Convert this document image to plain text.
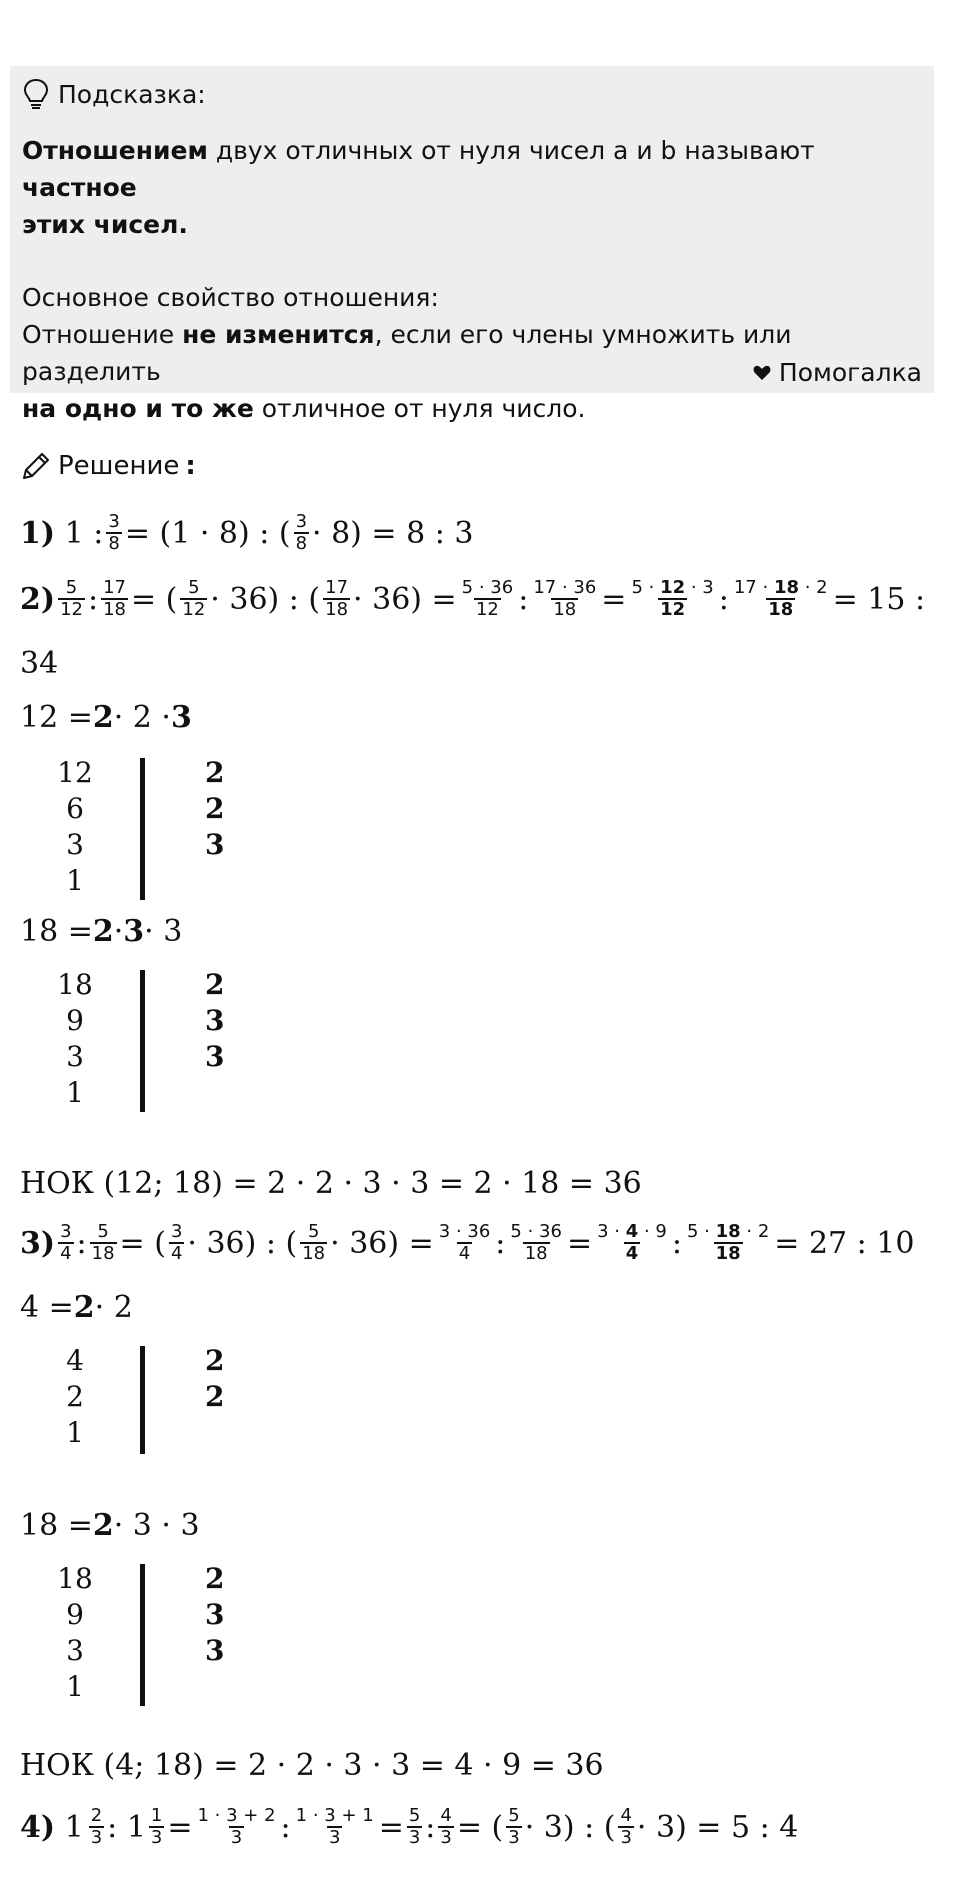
Подсказка:

Отношением двух отличных от нуля чисел a и b называют частное
этих чисел.

Основное свойство отношения:
Отношение не изменится, если его члены умножить или разделить
на одно и то же отличное от нуля число.

Помогалка
Решение :
1)
1 : $\frac{3}{8} = (1 \cdot 8)$ : ( $\frac{3}{8} \cdot 8) = 8$ : 3
$2) \frac{5}{12}$ : $\frac{17}{18}$ = ( $\frac{5}{12} \cdot 36$) : ( $\frac{17}{18} \cdot 36) = \frac{5 \cdot 36}{12}$ : $\frac{17 \cdot 36}{18} = \frac{5 \cdot 12 \cdot 3}{12}$ : $\frac{17 \cdot 18 \cdot 2}{18} = 15$ :
34
12 = 2 · 2 · 3
12	2
6	2
3	3
1
18 = 2 · 3 · 3
18	2
9	3
3	3
1
НОК (12; 18) = 2 · 2 · 3 · 3 = 2 · 18 = 36
$3) \frac{3}{4}$ : $\frac{5}{18}$ = ( $\frac{3}{4} \cdot 36$) : ( $\frac{5}{18} \cdot 36) = \frac{3 \cdot 36}{4}$ : $\frac{5 \cdot 36}{18} = \frac{3 \cdot 4 \cdot 9}{4}$ : $\frac{5 \cdot 18 \cdot 2}{18} = 27$ : 10
4 = 2 · 2
4	2
2	2
1
18 = 2 · 3 · 3
18	2
9	3
3	3
1
НОК (4; 18) = 2 · 2 · 3 · 3 = 4 · 9 = 36
4)
$1 \frac{2}{3}$ : $1 \frac{1}{3} = \frac{1 \cdot 3 + 2}{3}$ : $\frac{1 \cdot 3 + 1}{3} = \frac{5}{3}$ : $\frac{4}{3}$ = ( $\frac{5}{3} \cdot 3$) : ( $\frac{4}{3} \cdot 3) = 5$ : 4
